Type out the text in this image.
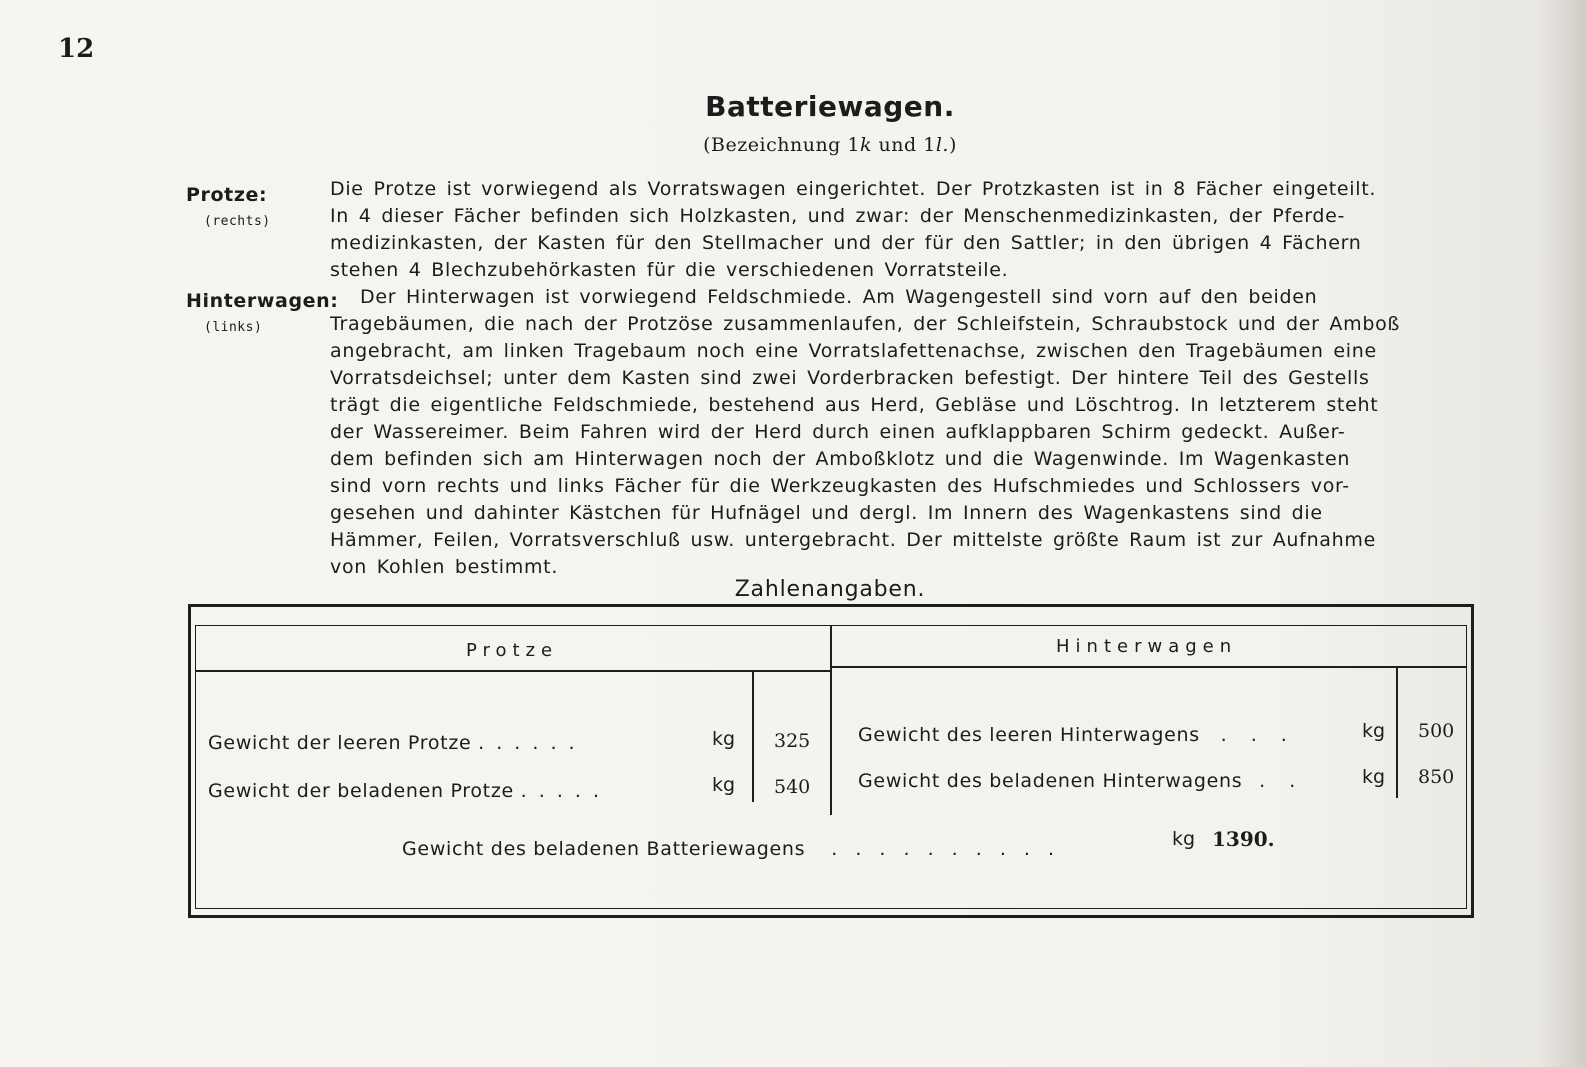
12
Batteriewagen.
(Bezeichnung 1k und 1l.)
Protze:
(rechts)
Die Protze ist vorwiegend als Vorratswagen eingerichtet. Der Protzkasten ist in 8 Fächer eingeteilt.
In 4 dieser Fächer befinden sich Holzkasten, und zwar: der Menschenmedizinkasten, der Pferde-
medizinkasten, der Kasten für den Stellmacher und der für den Sattler; in den übrigen 4 Fächern
stehen 4 Blechzubehörkasten für die verschiedenen Vorratsteile.
Hinterwagen:
(links)
Der Hinterwagen ist vorwiegend Feldschmiede. Am Wagengestell sind vorn auf den beiden
Tragebäumen, die nach der Protzöse zusammenlaufen, der Schleifstein, Schraubstock und der Amboß
angebracht, am linken Tragebaum noch eine Vorratslafettenachse, zwischen den Tragebäumen eine
Vorratsdeichsel; unter dem Kasten sind zwei Vorderbracken befestigt. Der hintere Teil des Gestells
trägt die eigentliche Feldschmiede, bestehend aus Herd, Gebläse und Löschtrog. In letzterem steht
der Wassereimer. Beim Fahren wird der Herd durch einen aufklappbaren Schirm gedeckt. Außer-
dem befinden sich am Hinterwagen noch der Amboßklotz und die Wagenwinde. Im Wagenkasten
sind vorn rechts und links Fächer für die Werkzeugkasten des Hufschmiedes und Schlossers vor-
gesehen und dahinter Kästchen für Hufnägel und dergl. Im Innern des Wagenkastens sind die
Hämmer, Feilen, Vorratsverschluß usw. untergebracht. Der mittelste größte Raum ist zur Aufnahme
von Kohlen bestimmt.
Zahlenangaben.
Protze	Hinterwagen
Gewicht der leeren Protze . . . . . .	kg 325
Gewicht der beladenen Protze . . . . .	kg 540
Gewicht des leeren Hinterwagens . . .	kg 500
Gewicht des beladenen Hinterwagens . .	kg 850
Gewicht des beladenen Batteriewagens . . . . . . . . . .	kg 1390.
